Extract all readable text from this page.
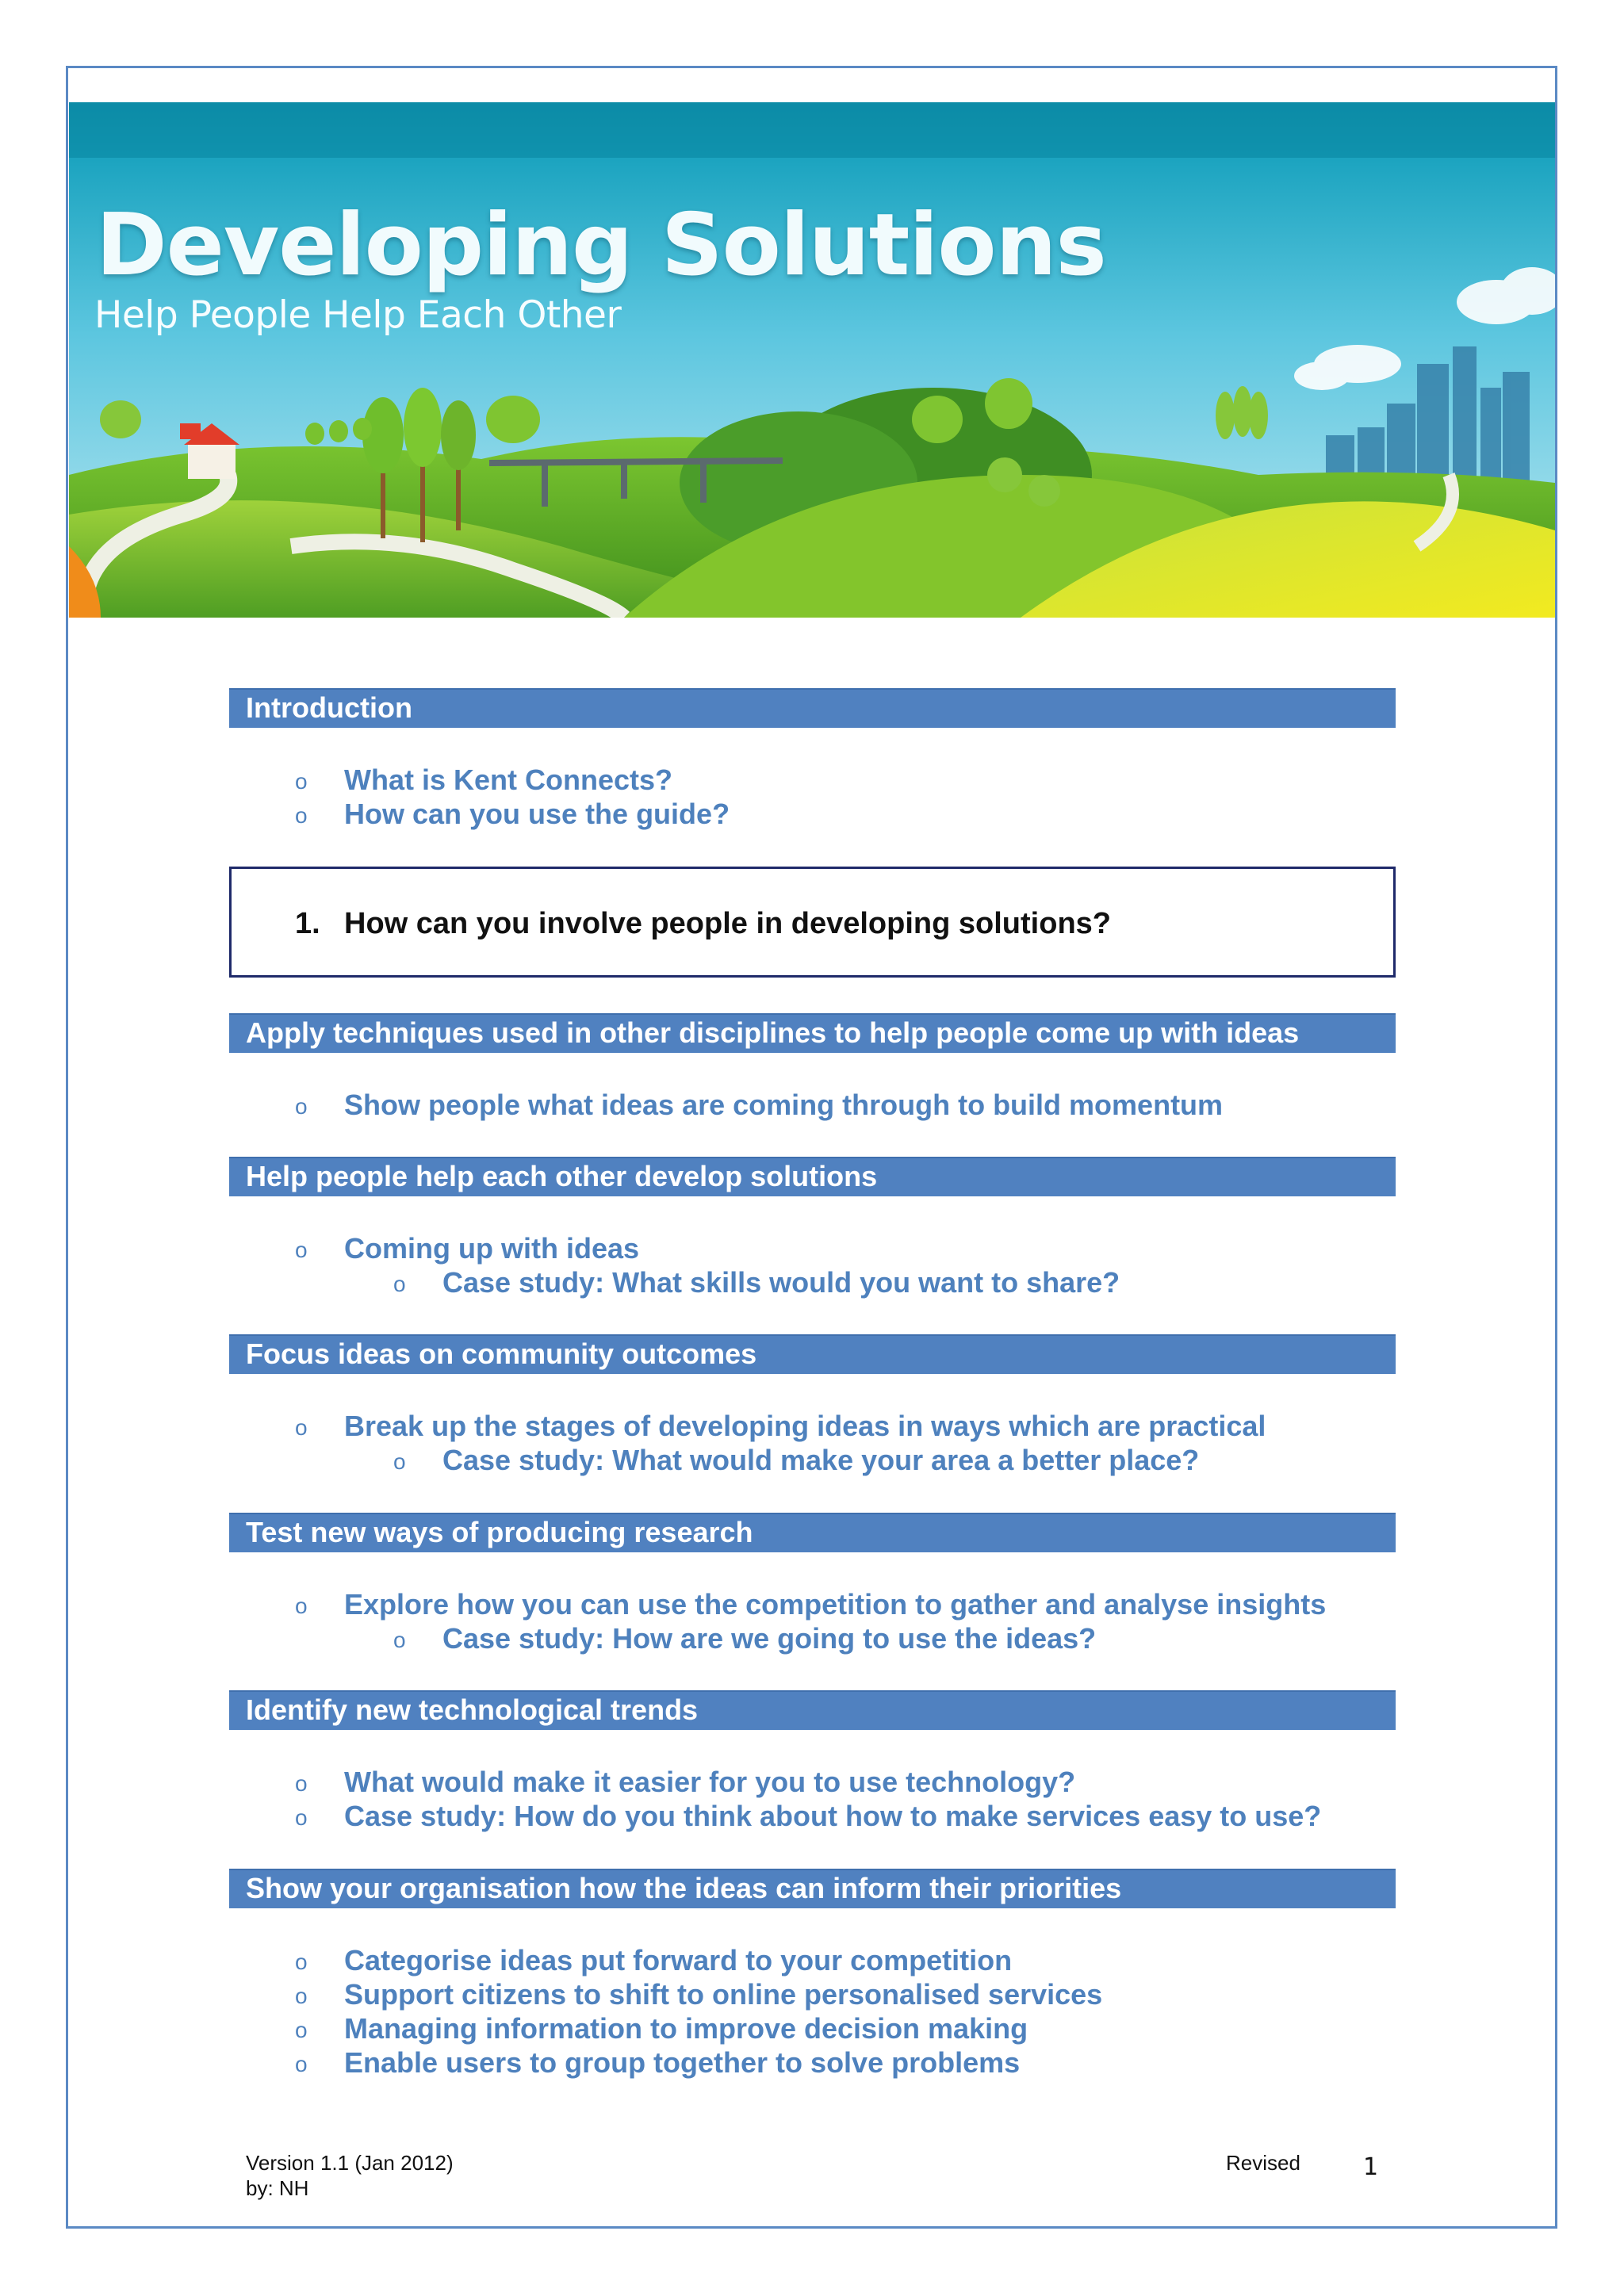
Developing Solutions

Help People Help Each Other

Introduction
o What is Kent Connects?
o How can you use the guide?
1. How can you involve people in developing solutions?
Apply techniques used in other disciplines to help people come up with ideas
o Show people what ideas are coming through to build momentum
Help people help each other develop solutions
o Coming up with ideas
o Case study: What skills would you want to share?
Focus ideas on community outcomes
o Break up the stages of developing ideas in ways which are practical
o Case study: What would make your area a better place?
Test new ways of producing research
o Explore how you can use the competition to gather and analyse insights
o Case study: How are we going to use the ideas?
Identify new technological trends
o What would make it easier for you to use technology?
o Case study: How do you think about how to make services easy to use?
Show your organisation how the ideas can inform their priorities
o Categorise ideas put forward to your competition
o Support citizens to shift to online personalised services
o Managing information to improve decision making
o Enable users to group together to solve problems
Version 1.1 (Jan 2012)	Revised
by: NH
1
